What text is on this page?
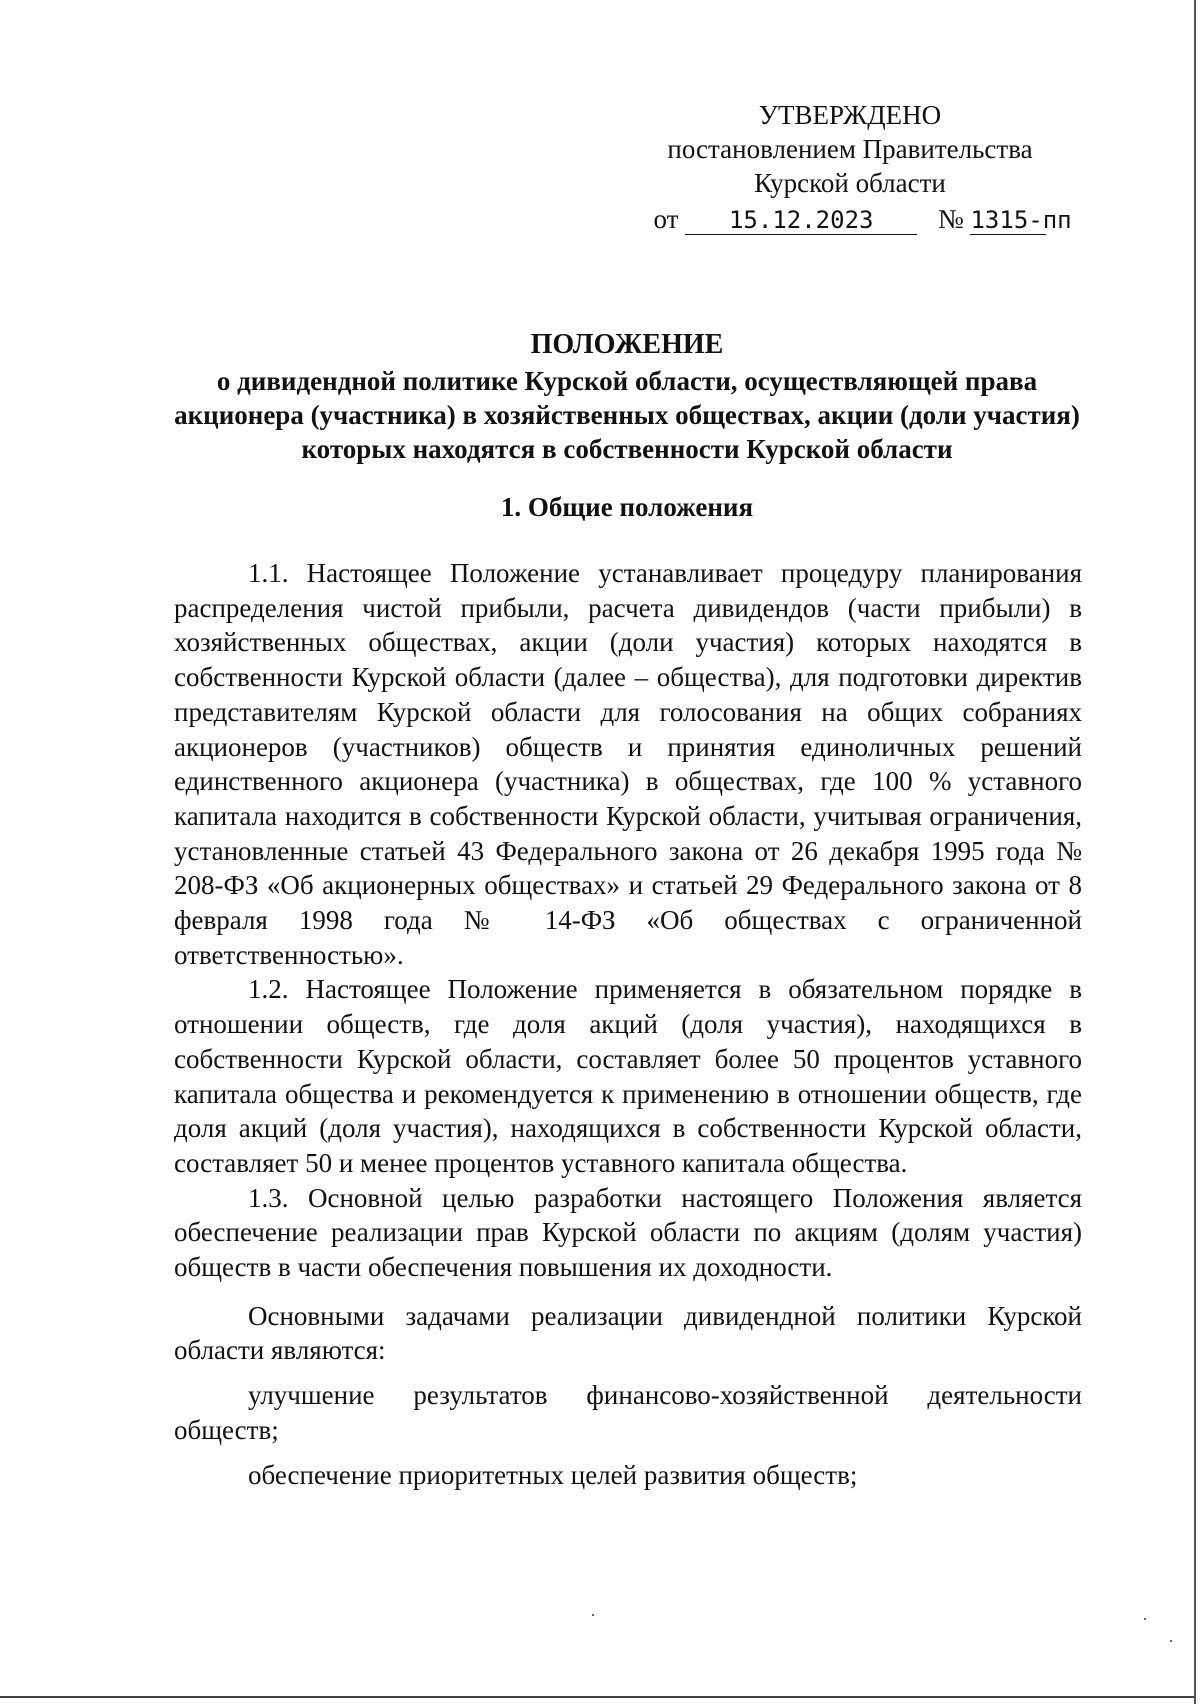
УТВЕРЖДЕНО
постановлением Правительства
Курской области
от 15.12.2023 № 1315-пп
ПОЛОЖЕНИЕ
о дивидендной политике Курской области, осуществляющей права акционера (участника) в хозяйственных обществах, акции (доли участия) которых находятся в собственности Курской области
1. Общие положения

1.1. Настоящее Положение устанавливает процедуру планирования распределения чистой прибыли, расчета дивидендов (части прибыли) в хозяйственных обществах, акции (доли участия) которых находятся в собственности Курской области (далее – общества), для подготовки директив представителям Курской области для голосования на общих собраниях акционеров (участников) обществ и принятия единоличных решений единственного акционера (участника) в обществах, где 100 % уставного капитала находится в собственности Курской области, учитывая ограничения, установленные статьей 43 Федерального закона от 26 декабря 1995 года № 208-ФЗ «Об акционерных обществах» и статьей 29 Федерального закона от 8 февраля 1998 года № 14-ФЗ «Об обществах с ограниченной ответственностью».

1.2. Настоящее Положение применяется в обязательном порядке в отношении обществ, где доля акций (доля участия), находящихся в собственности Курской области, составляет более 50 процентов уставного капитала общества и рекомендуется к применению в отношении обществ, где доля акций (доля участия), находящихся в собственности Курской области, составляет 50 и менее процентов уставного капитала общества.

1.3. Основной целью разработки настоящего Положения является обеспечение реализации прав Курской области по акциям (долям участия) обществ в части обеспечения повышения их доходности.

Основными задачами реализации дивидендной политики Курской области являются:

улучшение результатов финансово-хозяйственной деятельности обществ;

обеспечение приоритетных целей развития обществ;
